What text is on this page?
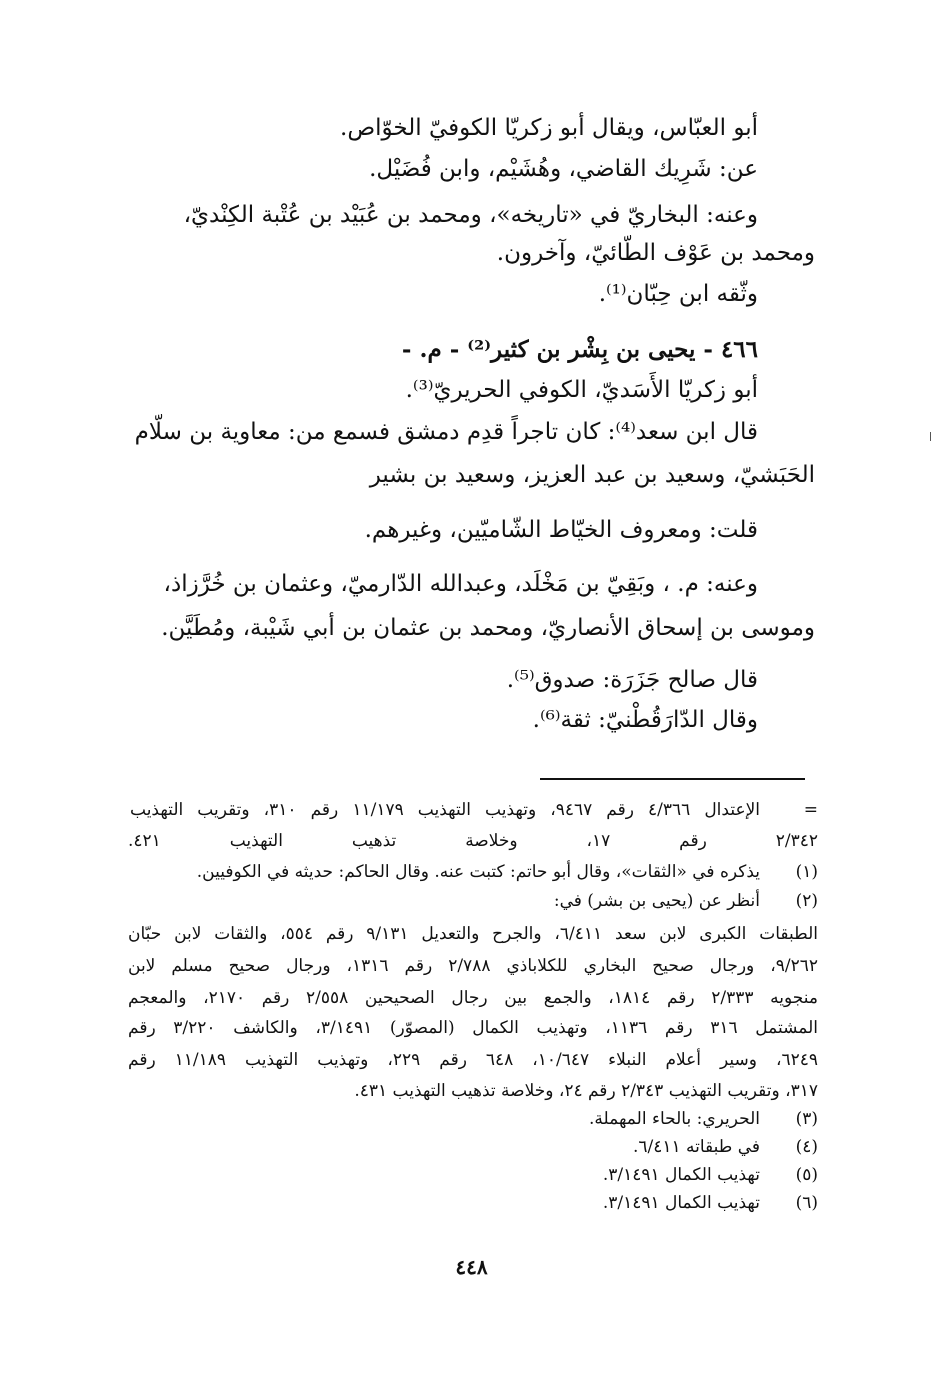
أبو العبّاس، ويقال أبو زكريّا الكوفيّ الخوّاص.
عن: شَرِيك القاضي، وهُشَيْم، وابن فُضَيْل.
وعنه: البخاريّ في «تاريخه»، ومحمد بن عُبَيْد بن عُتْبة الكِنْديّ،
ومحمد بن عَوْف الطّائيّ، وآخرون.
وثّقه ابن حِبّان⁽¹⁾.
٤٦٦ - يحيى بن بِشْر بن كثير⁽²⁾ - م. -
أبو زكريّا الأَسَديّ، الكوفي الحريريّ⁽³⁾.
قال ابن سعد⁽⁴⁾: كان تاجراً قدِم دمشق فسمع من: معاوية بن سلّام
الحَبَشيّ، وسعيد بن عبد العزيز، وسعيد بن بشير
قلت: ومعروف الخيّاط الشّاميّين، وغيرهم.
وعنه: م. ، وبَقِيّ بن مَخْلَد، وعبدالله الدّارميّ، وعثمان بن خُرَّزاذ،
وموسى بن إسحاق الأنصاريّ، ومحمد بن عثمان بن أبي شَيْبة، ومُطَيَّن.
قال صالح جَزَرَة: صدوق⁽⁵⁾.
وقال الدّارَقُطْنيّ: ثقة⁽⁶⁾.
=
الإعتدال ٤/٣٦٦ رقم ٩٤٦٧، وتهذيب التهذيب ١١/١٧٩ رقم ٣١٠، وتقريب التهذيب
٢/٣٤٢ رقم ١٧، وخلاصة تذهيب التهذيب ٤٢١.
(١)
يذكره في «الثقات»، وقال أبو حاتم: كتبت عنه. وقال الحاكم: حديثه في الكوفيين.
(٢)
أنظر عن (يحيى بن بشر) في:
الطبقات الكبرى لابن سعد ٦/٤١١، والجرح والتعديل ٩/١٣١ رقم ٥٥٤، والثقات لابن حبّان
٩/٢٦٢، ورجال صحيح البخاري للكلاباذي ٢/٧٨٨ رقم ١٣١٦، ورجال صحيح مسلم لابن
منجويه ٢/٣٣٣ رقم ١٨١٤، والجمع بين رجال الصحيحين ٢/٥٥٨ رقم ٢١٧٠، والمعجم
المشتمل ٣١٦ رقم ١١٣٦، وتهذيب الكمال (المصوّر) ٣/١٤٩١، والكاشف ٣/٢٢٠ رقم
٦٢٤٩، وسير أعلام النبلاء ١٠/٦٤٧، ٦٤٨ رقم ٢٢٩، وتهذيب التهذيب ١١/١٨٩ رقم
٣١٧، وتقريب التهذيب ٢/٣٤٣ رقم ٢٤، وخلاصة تذهيب التهذيب ٤٣١.
(٣)
الحريري: بالحاء المهملة.
(٤)
في طبقاته ٦/٤١١.
(٥)
تهذيب الكمال ٣/١٤٩١.
(٦)
تهذيب الكمال ٣/١٤٩١.
٤٤٨
